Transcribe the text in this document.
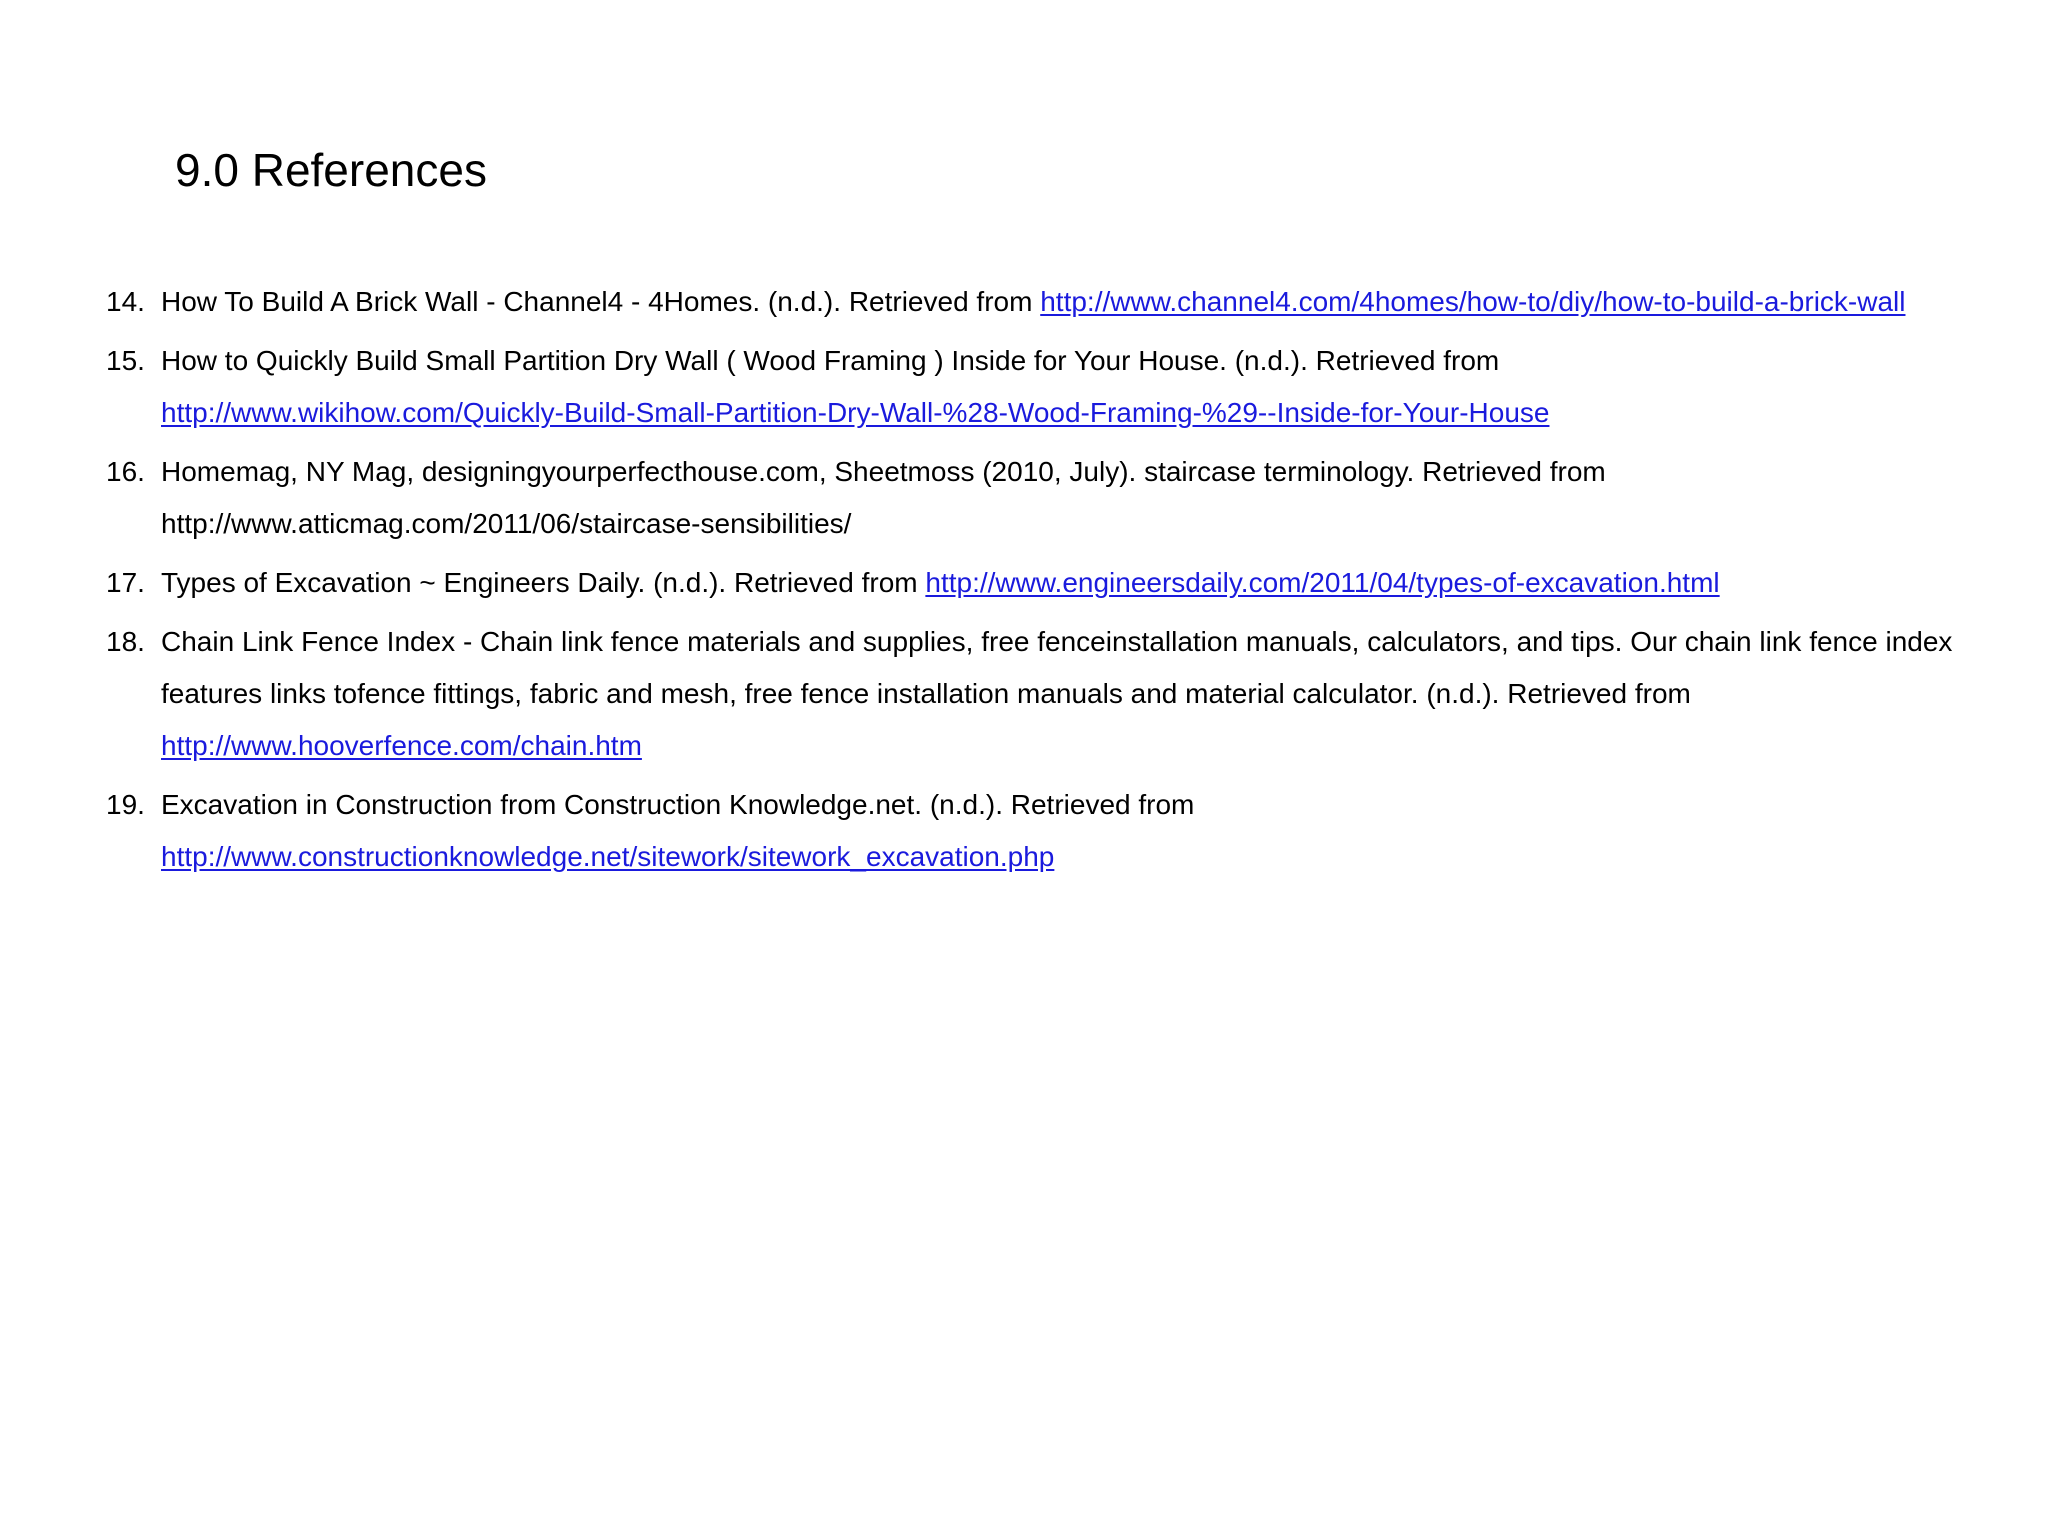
9.0 References
14. How To Build A Brick Wall - Channel4 - 4Homes. (n.d.). Retrieved from http://www.channel4.com/4homes/how-to/diy/how-to-build-a-brick-wall
15. How to Quickly Build Small Partition Dry Wall ( Wood Framing ) Inside for Your House. (n.d.). Retrieved from
http://www.wikihow.com/Quickly-Build-Small-Partition-Dry-Wall-%28-Wood-Framing-%29--Inside-for-Your-House
16. Homemag, NY Mag, designingyourperfecthouse.com, Sheetmoss (2010, July). staircase terminology. Retrieved from
http://www.atticmag.com/2011/06/staircase-sensibilities/
17. Types of Excavation ~ Engineers Daily. (n.d.). Retrieved from http://www.engineersdaily.com/2011/04/types-of-excavation.html
18. Chain Link Fence Index - Chain link fence materials and supplies, free fenceinstallation manuals, calculators, and tips. Our chain link fence index features links tofence fittings, fabric and mesh, free fence installation manuals and material calculator. (n.d.). Retrieved from
http://www.hooverfence.com/chain.htm
19. Excavation in Construction from Construction Knowledge.net. (n.d.). Retrieved from
http://www.constructionknowledge.net/sitework/sitework_excavation.php
